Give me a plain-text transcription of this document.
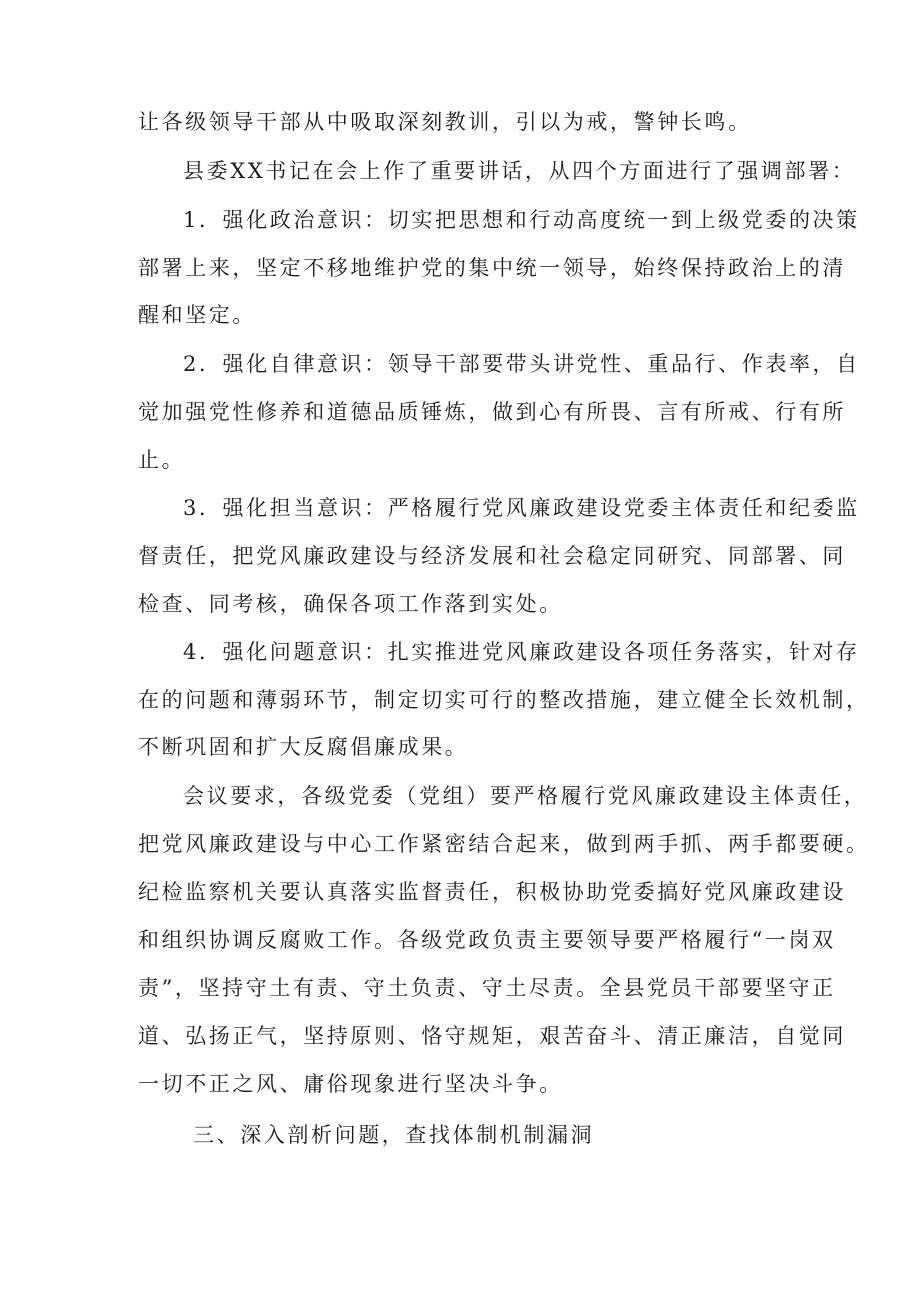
让各级领导干部从中吸取深刻教训，引以为戒，警钟长鸣。
县委XX书记在会上作了重要讲话，从四个方面进行了强调部署：
1．强化政治意识：切实把思想和行动高度统一到上级党委的决策
部署上来，坚定不移地维护党的集中统一领导，始终保持政治上的清
醒和坚定。
2．强化自律意识：领导干部要带头讲党性、重品行、作表率，自
觉加强党性修养和道德品质锤炼，做到心有所畏、言有所戒、行有所
止。
3．强化担当意识：严格履行党风廉政建设党委主体责任和纪委监
督责任，把党风廉政建设与经济发展和社会稳定同研究、同部署、同
检查、同考核，确保各项工作落到实处。
4．强化问题意识：扎实推进党风廉政建设各项任务落实，针对存
在的问题和薄弱环节，制定切实可行的整改措施，建立健全长效机制，
不断巩固和扩大反腐倡廉成果。
会议要求，各级党委（党组）要严格履行党风廉政建设主体责任，
把党风廉政建设与中心工作紧密结合起来，做到两手抓、两手都要硬。
纪检监察机关要认真落实监督责任，积极协助党委搞好党风廉政建设
和组织协调反腐败工作。各级党政负责主要领导要严格履行“一岗双
责”，坚持守土有责、守土负责、守土尽责。全县党员干部要坚守正
道、弘扬正气，坚持原则、恪守规矩，艰苦奋斗、清正廉洁，自觉同
一切不正之风、庸俗现象进行坚决斗争。
三、深入剖析问题，查找体制机制漏洞
